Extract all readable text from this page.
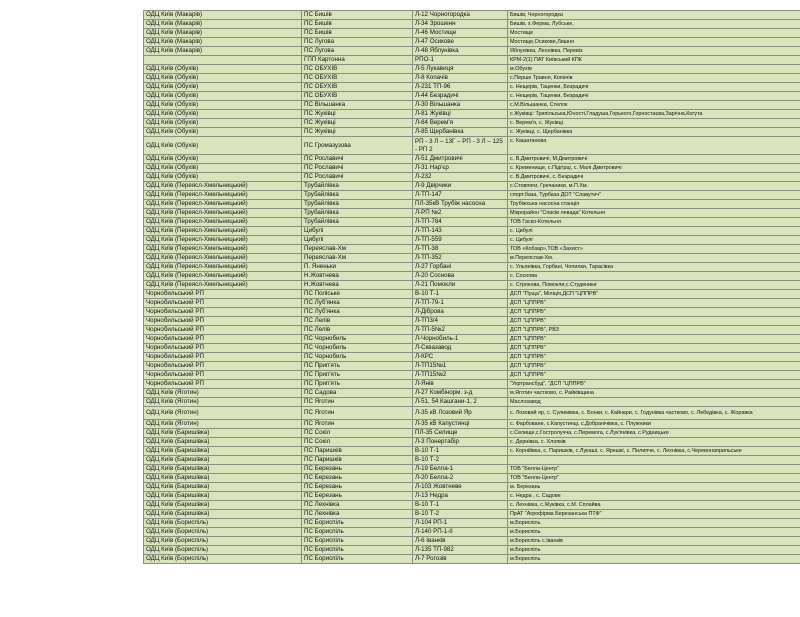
ОДЦ Київ (Макарів)	ПС Бишів	Л-12 Чорногородка	Бишів, Чорногородка
ОДЦ Київ (Макарів)	ПС Бишів	Л-34 Зрошенн	Бишів, х.Ферма, Лубське,
ОДЦ Київ (Макарів)	ПС Бишів	Л-46 Мостище	Мостище
ОДЦ Київ (Макарів)	ПС Лугова	Л-47 Осикове	Мостище,Осикове,Лишня
ОДЦ Київ (Макарів)	ПС Лугова	Л-48 Яблунівка	Яблунівка, Леонівка, Перевіз
	ГПП Картонна	РПО-1	КРМ-2(1) ПАТ Київський КПК
ОДЦ Київ (Обухів)	ПС ОБУХІВ	Л-5 Лукавиця	м.Обухів
ОДЦ Київ (Обухів)	ПС ОБУХІВ	Л-8 Копачів	с.Перше Травня, Копачів
ОДЦ Київ (Обухів)	ПС ОБУХІВ	Л-231 ТП-96	с. Нещерів, Таценки, Безрадичі
ОДЦ Київ (Обухів)	ПС ОБУХІВ	Л-44 Безрадичі	с. Нещерів, Таценки, Безрадичі
ОДЦ Київ (Обухів)	ПС Вільшанка	Л-30 Вільшанка	с.М.Вільшанка, Стелок
ОДЦ Київ (Обухів)	ПС Жуківці	Л-81 Жуківці	с.Жуківці: Трипільська,Юності,Гладуша,Горького,Горностаєва,Зарічна,Когута
ОДЦ Київ (Обухів)	ПС Жуківці	Л-84 Верем'я	с. Верем'я, с. Жуківці
ОДЦ Київ (Обухів)	ПС Жуківці	Л-85 Щербанівка	с. Жуківці, с. Щербанівка
ОДЦ Київ (Обухів)	ПС Громазузова	РП - 3 Л – 13Г – РП - 3 Л – 125 - РП 2	с. Кашатанова
ОДЦ Київ (Обухів)	ПС Рославичі	Л-51 Дмитровичі	с. В.Дмитровичі, М.Дмитровичі
ОДЦ Київ (Обухів)	ПС Рославичі	Л-31 Нар'єр	с. Кременище, с.Підгірці, с. Малі Дмитровичі
ОДЦ Київ (Обухів)	ПС Рославичі	Л-232	с. В.Дмитровичі, с. Безрадичі
ОДЦ Київ (Переясл-Хмельницький)	Трубайлівка	Л-9 Двірчики	с.Стовпяги, Гречаники, м.П.Хм.
ОДЦ Київ (Переясл-Хмельницький)	Трубайлівка	Л-ТП-147	спорт.база, Турбаза ДОТ "Славутич"
ОДЦ Київ (Переясл-Хмельницький)	Трубайлівка	ПЛ-35кВ Трубіж насосна	Трубіжська насосна станція
ОДЦ Київ (Переясл-Хмельницький)	Трубайлівка	Л-РП №2	Мікрорайон "Спасів левада" Котельня
ОДЦ Київ (Переясл-Хмельницький)	Трубайлівка	Л-ТП-784	ТОВ Гаско-Котельня
ОДЦ Київ (Переясл-Хмельницький)	Цибулі	Л-ТП-143	с. Цибулі
ОДЦ Київ (Переясл-Хмельницький)	Цибулі	Л-ТП-559	с. Цибулі
ОДЦ Київ (Переясл-Хмельницький)	Переяслав-Хм	Л-ТП-38	ТОВ «Кобзар»,ТОВ «Захист»
ОДЦ Київ (Переясл-Хмельницький)	Переяслав-Хм	Л-ТП-352	м.Переяслав-Хм.
ОДЦ Київ (Переясл-Хмельницький)	П. Яненьки	Л-27 Горбані	с. Ульянівка, Горбані, Чопилки, Тарасівка
ОДЦ Київ (Переясл-Хмельницький)	Н.Жовтнева	Л-20 Соснова	с. Соснова
ОДЦ Київ (Переясл-Хмельницький)	Н.Жовтнева	Л-21 Помокли	с. Строкова, Помокли,с.Студеники
Чорнобильський РП	ПС Поліське	В-10 Т-1	ДСП "Пуща", Міліція,ДСП "ЦППРВ"
Чорнобильський РП	ПС Луб'янка	Л-ТП-79-1	ДСП "ЦППРВ"
Чорнобильський РП	ПС Луб'янка	Л-Діброва	ДСП "ЦППРВ"
Чорнобильський РП	ПС Лелів	Л-ТП3/4	ДСП "ЦППРВ"
Чорнобильський РП	ПС Лелів	Л-ТП-5№2	ДСП "ЦППРВ", РВЗ
Чорнобильський РП	ПС Чорнобиль	Л-Чорнобиль-1	ДСП "ЦППРВ"
Чорнобильський РП	ПС Чорнобиль	Л-Сквазавод	ДСП "ЦППРВ"
Чорнобильський РП	ПС Чорнобиль	Л-КРС	ДСП "ЦППРВ"
Чорнобильський РП	ПС Прип'ять	Л-ТП15№1	ДСП "ЦППРВ"
Чорнобильський РП	ПС Прип'ять	Л-ТП15№2	ДСП "ЦППРВ"
Чорнобильський РП	ПС Прип'ять	Л-Янів	"Укртрансбуд", "ДСП "ЦППРВ"
ОДЦ Київ (Яготин)	ПС Садова	Л-27 Комбінорм. з-д	м.Яготин частково, с. Райківщина
ОДЦ Київ (Яготин)	ПС Яготин	Л-51, 54 Кашгани-1, 2	Маслозавод
ОДЦ Київ (Яготин)	ПС Яготин	Л-35 кВ Лозовий Яр	с. Лозовий яр, с. Сулимівка, с. Бонки, с. Кайнари, с. Годунівка частково, с. Лебедівка, с. Жоравка
ОДЦ Київ (Яготин)	ПС Яготин	Л-35 кВ Капустинці	с. Фарбоване, с.Капустинці, с.Добранічівка, с. Плужники
ОДЦ Київ (Баришівка)	ПС Сокіл	ПЛ-35 Селище	с.Селище,с.Гостролучча, с.Перемога, с.Лук'янівка, с.Рудницьке
ОДЦ Київ (Баришівка)	ПС Сокіл	Л-3 Понертабір	с. Дернівка, с. Хлопків
ОДЦ Київ (Баришівка)	ПС Паришків	В-10 Т-1	с. Корнійвка, с. Паришків, с.Лукаші, с. Ярешкі, с. Пилипче, с. Лехнівка, с.Черевонаприльське
ОДЦ Київ (Баришівка)	ПС Паришків	В-10 Т-2	
ОДЦ Київ (Баришівка)	ПС Березань	Л-19 Белла-1	ТОВ "Белла-Центр"
ОДЦ Київ (Баришівка)	ПС Березань	Л-20 Белла-2	ТОВ "Белла-Центр"
ОДЦ Київ (Баришівка)	ПС Березань	Л-103 Жовтневе	м. Березань
ОДЦ Київ (Баришівка)	ПС Березань	Л-13 Недра	с. Недра , с. Садове
ОДЦ Київ (Баришівка)	ПС Лехнівка	В-10 Т-1	с. Лехнівка, с.Жуківка, с.М. Сплайва
ОДЦ Київ (Баришівка)	ПС Лехнівка	В-10 Т-2	ПрАТ "Агрофірма Березанська ПТФ"
ОДЦ Київ (Бориспіль)	ПС Бориспіль	Л-104 РП-1	м.Бориспіль
ОДЦ Київ (Бориспіль)	ПС Бориспіль	Л-140 РП-1-ІІ	м.Бориспіль
ОДЦ Київ (Бориспіль)	ПС Бориспіль	Л-6 Іванків	м.Бориспіль с.Іванків
ОДЦ Київ (Бориспіль)	ПС Бориспіль	Л-135 ТП-982	м.Бориспіль
ОДЦ Київ (Бориспіль)	ПС Бориспіль	Л-7 Рогозів	м.Бориспіль
